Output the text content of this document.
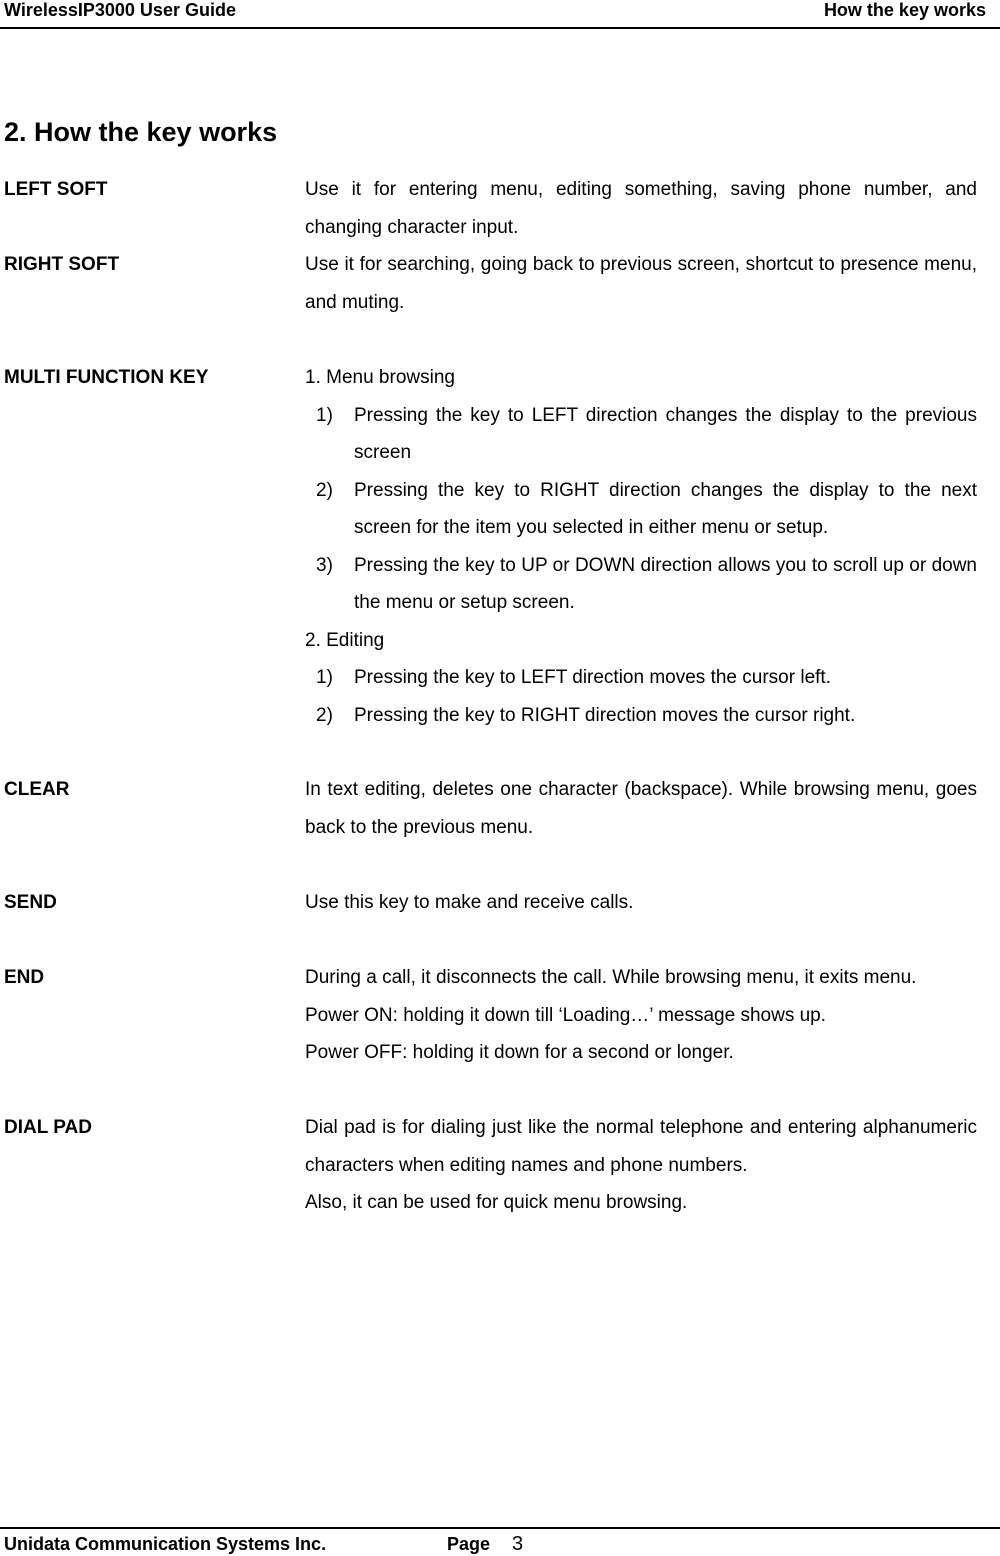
WirelessIP3000 User Guide	How the key works
2. How the key works
LEFT SOFT	Use it for entering menu, editing something, saving phone number, and changing character input.
RIGHT SOFT	Use it for searching, going back to previous screen, shortcut to presence menu, and muting.
MULTI FUNCTION KEY	1. Menu browsing

1) Pressing the key to LEFT direction changes the display to the previous screen
2) Pressing the key to RIGHT direction changes the display to the next screen for the item you selected in either menu or setup.
3) Pressing the key to UP or DOWN direction allows you to scroll up or down the menu or setup screen.

2. Editing

1) Pressing the key to LEFT direction moves the cursor left.
2) Pressing the key to RIGHT direction moves the cursor right.
CLEAR	In text editing, deletes one character (backspace). While browsing menu, goes back to the previous menu.
SEND	Use this key to make and receive calls.
END	During a call, it disconnects the call. While browsing menu, it exits menu.

Power ON: holding it down till ‘Loading…’ message shows up.

Power OFF: holding it down for a second or longer.

DIAL PAD	Dial pad is for dialing just like the normal telephone and entering alphanumeric characters when editing names and phone numbers.

Also, it can be used for quick menu browsing.

Unidata Communication Systems Inc.	Page 3
